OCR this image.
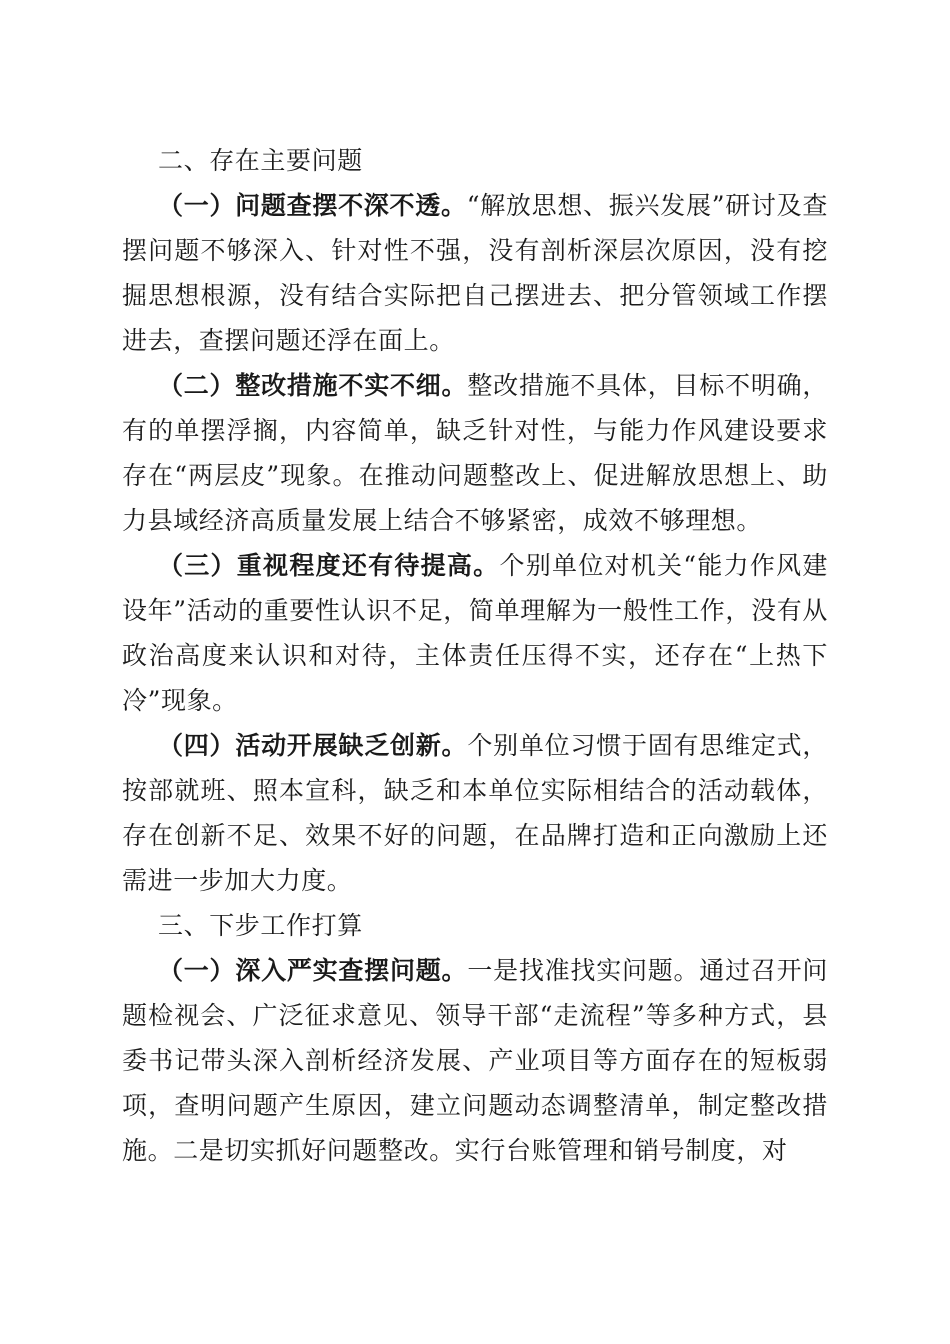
二、存在主要问题

（一）问题查摆不深不透。“解放思想、振兴发展”研讨及查摆问题不够深入、针对性不强，没有剖析深层次原因，没有挖掘思想根源，没有结合实际把自己摆进去、把分管领域工作摆进去，查摆问题还浮在面上。

（二）整改措施不实不细。整改措施不具体，目标不明确，有的单摆浮搁，内容简单，缺乏针对性，与能力作风建设要求存在“两层皮”现象。在推动问题整改上、促进解放思想上、助力县域经济高质量发展上结合不够紧密，成效不够理想。

（三）重视程度还有待提高。个别单位对机关“能力作风建设年”活动的重要性认识不足，简单理解为一般性工作，没有从政治高度来认识和对待，主体责任压得不实，还存在“上热下冷”现象。

（四）活动开展缺乏创新。个别单位习惯于固有思维定式，按部就班、照本宣科，缺乏和本单位实际相结合的活动载体，存在创新不足、效果不好的问题，在品牌打造和正向激励上还需进一步加大力度。

三、下步工作打算

（一）深入严实查摆问题。一是找准找实问题。通过召开问题检视会、广泛征求意见、领导干部“走流程”等多种方式，县委书记带头深入剖析经济发展、产业项目等方面存在的短板弱项，查明问题产生原因，建立问题动态调整清单，制定整改措施。二是切实抓好问题整改。实行台账管理和销号制度，对
